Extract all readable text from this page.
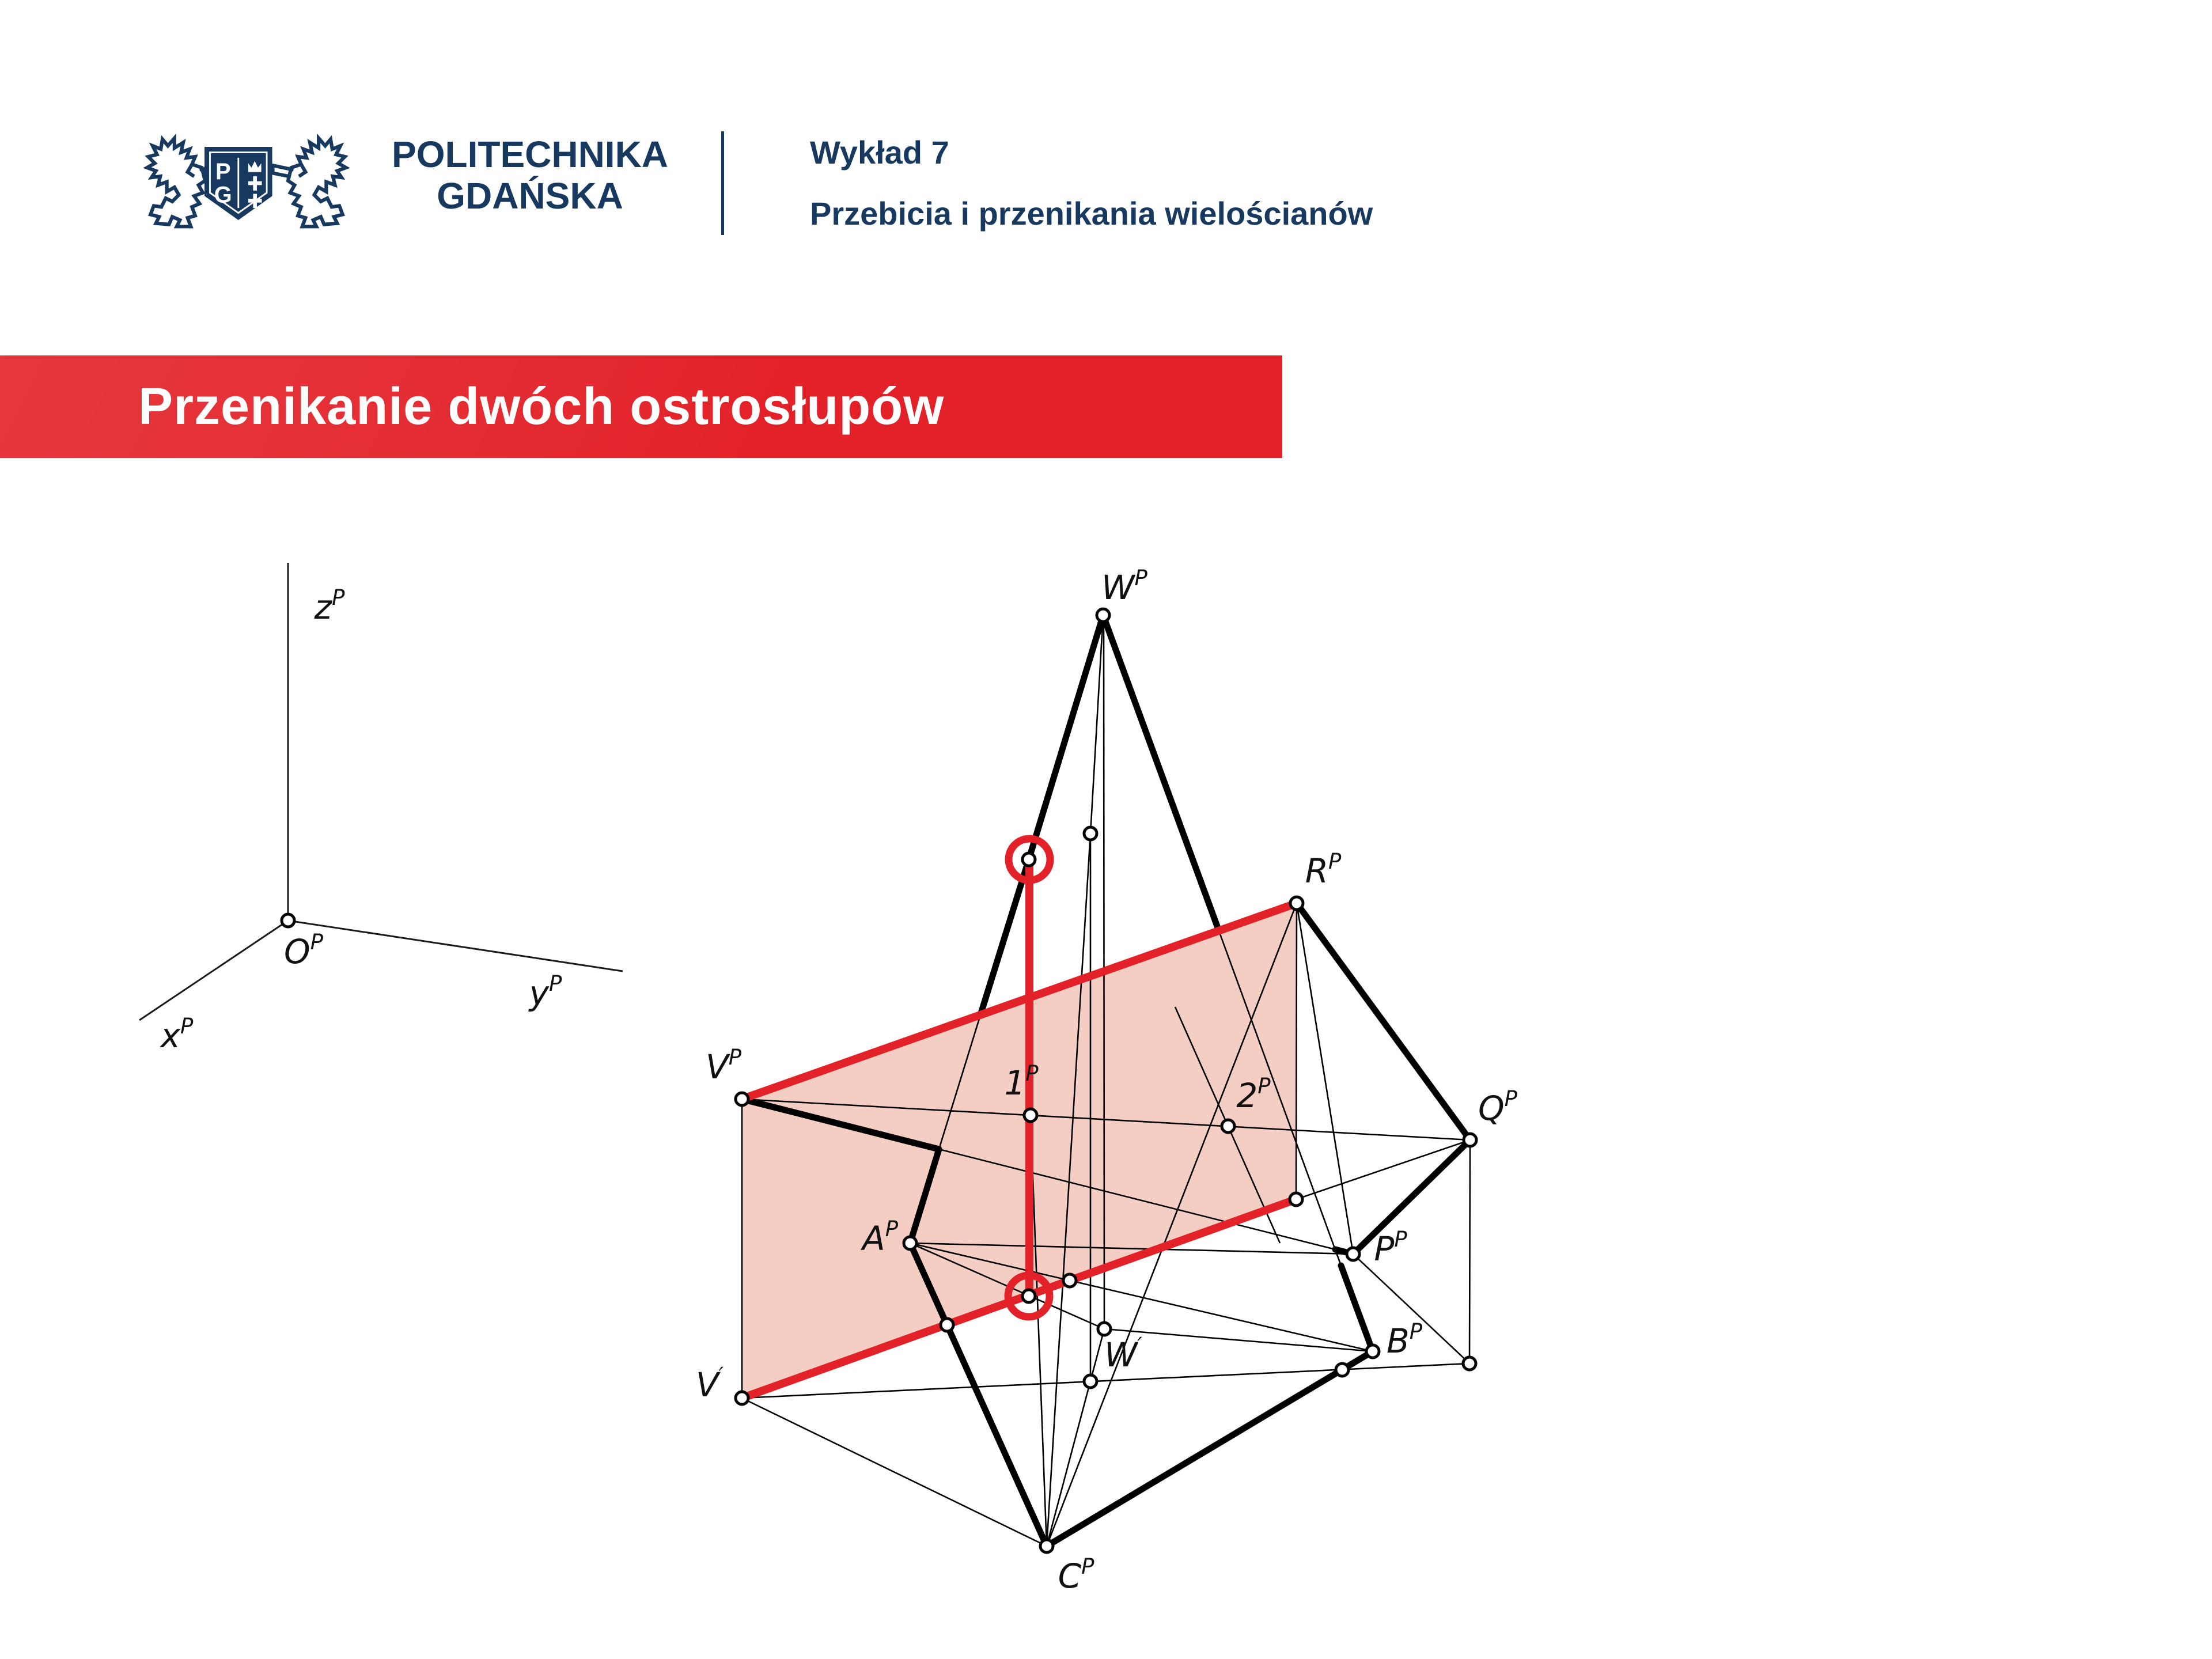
P
G
POLITECHNIKA
GDAŃSKA
Wykład 7
Przebicia i przenikania wielościanów
Przenikanie dwóch ostrosłupów
$W^P$
$R^P$
$V^P$
$1^P$
$2^P$
$Q^P$
$A^P$
$P^P$
W′	$B^P$
V′
$C^P$
$z^P$
$O^P$
$y^P$
$x^P$
